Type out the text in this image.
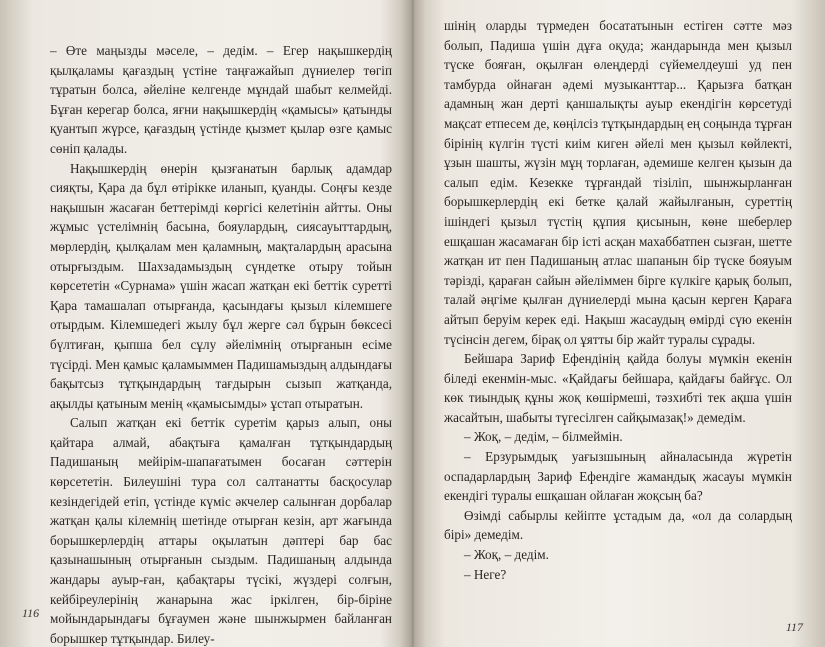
– Өте маңызды мәселе, – дедім. – Егер нақышкердің қылқаламы қағаздың үстіне таңғажайып дүниелер төгіп тұратын болса, әйеліне келгенде мұндай шабыт келмейді. Бұған керегар болса, яғни нақышкердің «қамысы» қатынды қуантып жүрсе, қағаздың үстінде қызмет қылар өзге қамыс сөніп қалады.

Нақышкердің өнерін қызғанатын барлық адамдар сияқты, Қара да бұл өтірікке иланып, қуанды. Соңғы кезде нақышын жасаған беттерімді көргісі келетінін айтты. Оны жұмыс үстелімнің басына, бояулардың, сиясауыттардың, мөрлердің, қылқалам мен қаламның, мақталардың арасына отырғыздым. Шахзадамыздың сүндетке отыру тойын көрсететін «Сурнама» үшін жасап жатқан екі беттік суретті Қара тамашалап отырғанда, қасындағы қызыл кілемшеге отырдым. Кілемшедегі жылу бұл жерге сәл бұрын бөксесі бүлтиған, қыпша бел сұлу әйелімнің отырғанын есіме түсірді. Мен қамыс қаламыммен Падишамыздың алдындағы бақытсыз тұтқындардың тағдырын сызып жатқанда, ақылды қатыным менің «қамысымды» ұстап отыратын.

Салып жатқан екі беттік суретім қарыз алып, оны қайтара алмай, абақтыға қамалған тұтқындардың Падишаның мейірім-шапағатымен босаған сәттерін көрсететін. Билеушіні тура сол салтанатты басқосулар кезіндегідей етіп, үстінде күміс әкчелер салынған дорбалар жатқан қалы кілемнің шетінде отырған кезін, арт жағында борышкерлердің аттары оқылатын дәптері бар бас қазынашының отырғанын сыздым. Падишаның алдында жандары ауыр-ған, қабақтары түсікі, жүздері солғын, кейбіреулерінің жанарына жас іркілген, бір-біріне мойындарындағы бұғаумен және шынжырмен байланған борышкер тұтқындар. Билеу-

116

шінің оларды түрмеден босататынын естіген сәтте мәз болып, Падиша үшін дұға оқуда; жандарында мен қызыл түске бояған, оқылған өлеңдерді сүйемелдеуші уд пен тамбурда ойнаған әдемі музыканттар... Қарызға батқан адамның жан дерті қаншалықты ауыр екендігін көрсетуді мақсат етпесем де, көңілсіз тұтқындардың ең соңында тұрған бірінің күлгін түсті киім киген әйелі мен қызыл көйлекті, ұзын шашты, жүзін мұң торлаған, әдемише келген қызын да салып едім. Кезекке тұрғандай тізіліп, шынжырланған борышкерлердің екі бетке қалай жайылғанын, суреттің ішіндегі қызыл түстің құпия қисынын, көне шеберлер ешқашан жасамаған бір істі асқан махаббатпен сызған, шетте жатқан ит пен Падишаның атлас шапанын бір түске бояуым тәрізді, қараған сайын әйеліммен бірге күлкіге қарық болып, талай әңгіме қылған дүниелерді мына қасын керген Қараға айтып беруім керек еді. Нақыш жасаудың өмірді сүю екенін түсінсін дегем, бірақ ол ұятты бір жайт туралы сұрады.

Бейшара Зариф Ефендінің қайда болуы мүмкін екенін біледі екенмін-мыс. «Қайдағы бейшара, қайдағы байғұс. Ол көк тиындық құны жоқ көшірмеші, тәзхибті тек ақша үшін жасайтын, шабыты түгесілген сайқымазақ!» демедім.

– Жоқ, – дедім, – білмеймін.

– Ерзурымдық уағызшының айналасында жүретін оспадарлардың Зариф Ефендіге жамандық жасауы мүмкін екендігі туралы ешқашан ойлаған жоқсың ба?

Өзімді сабырлы кейіпте ұстадым да, «ол да солардың бірі» демедім.

– Жоқ, – дедім.

– Неге?

117
